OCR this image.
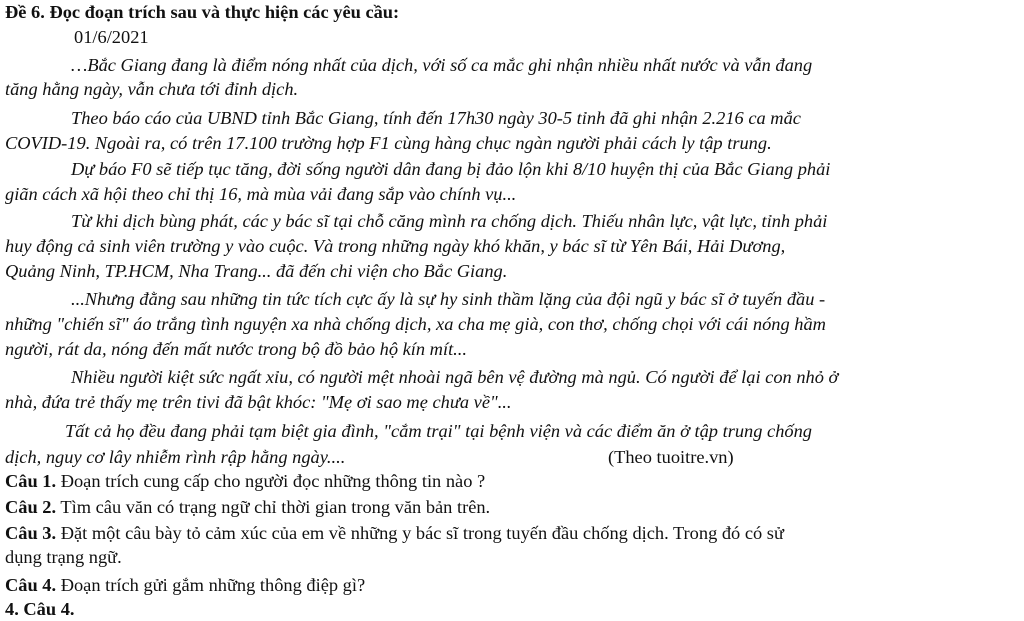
Đề 6. Đọc đoạn trích sau và thực hiện các yêu cầu:
01/6/2021
…Bắc Giang đang là điểm nóng nhất của dịch, với số ca mắc ghi nhận nhiều nhất nước và vẫn đang
tăng hằng ngày, vẫn chưa tới đỉnh dịch.
Theo báo cáo của UBND tỉnh Bắc Giang, tính đến 17h30 ngày 30-5 tỉnh đã ghi nhận 2.216 ca mắc
COVID-19. Ngoài ra, có trên 17.100 trường hợp F1 cùng hàng chục ngàn người phải cách ly tập trung.
Dự báo F0 sẽ tiếp tục tăng, đời sống người dân đang bị đảo lộn khi 8/10 huyện thị của Bắc Giang phải
giãn cách xã hội theo chỉ thị 16, mà mùa vải đang sắp vào chính vụ...
Từ khi dịch bùng phát, các y bác sĩ tại chỗ căng mình ra chống dịch. Thiếu nhân lực, vật lực, tỉnh phải
huy động cả sinh viên trường y vào cuộc. Và trong những ngày khó khăn, y bác sĩ từ Yên Bái, Hải Dương,
Quảng Ninh, TP.HCM, Nha Trang... đã đến chi viện cho Bắc Giang.
...Nhưng đằng sau những tin tức tích cực ấy là sự hy sinh thầm lặng của đội ngũ y bác sĩ ở tuyến đầu -
những "chiến sĩ" áo trắng tình nguyện xa nhà chống dịch, xa cha mẹ già, con thơ, chống chọi với cái nóng hầm
người, rát da, nóng đến mất nước trong bộ đồ bảo hộ kín mít...
Nhiều người kiệt sức ngất xỉu, có người mệt nhoài ngã bên vệ đường mà ngủ. Có người để lại con nhỏ ở
nhà, đứa trẻ thấy mẹ trên tivi đã bật khóc: "Mẹ ơi sao mẹ chưa về"...
Tất cả họ đều đang phải tạm biệt gia đình, "cắm trại" tại bệnh viện và các điểm ăn ở tập trung chống
dịch, nguy cơ lây nhiễm rình rập hằng ngày....	(Theo tuoitre.vn)
Câu 1. Đoạn trích cung cấp cho người đọc những thông tin nào ?
Câu 2. Tìm câu văn có trạng ngữ chỉ thời gian trong văn bản trên.
Câu 3. Đặt một câu bày tỏ cảm xúc của em về những y bác sĩ trong tuyến đầu chống dịch. Trong đó có sử
dụng trạng ngữ.
Câu 4. Đoạn trích gửi gắm những thông điệp gì?
4. Câu 4.
